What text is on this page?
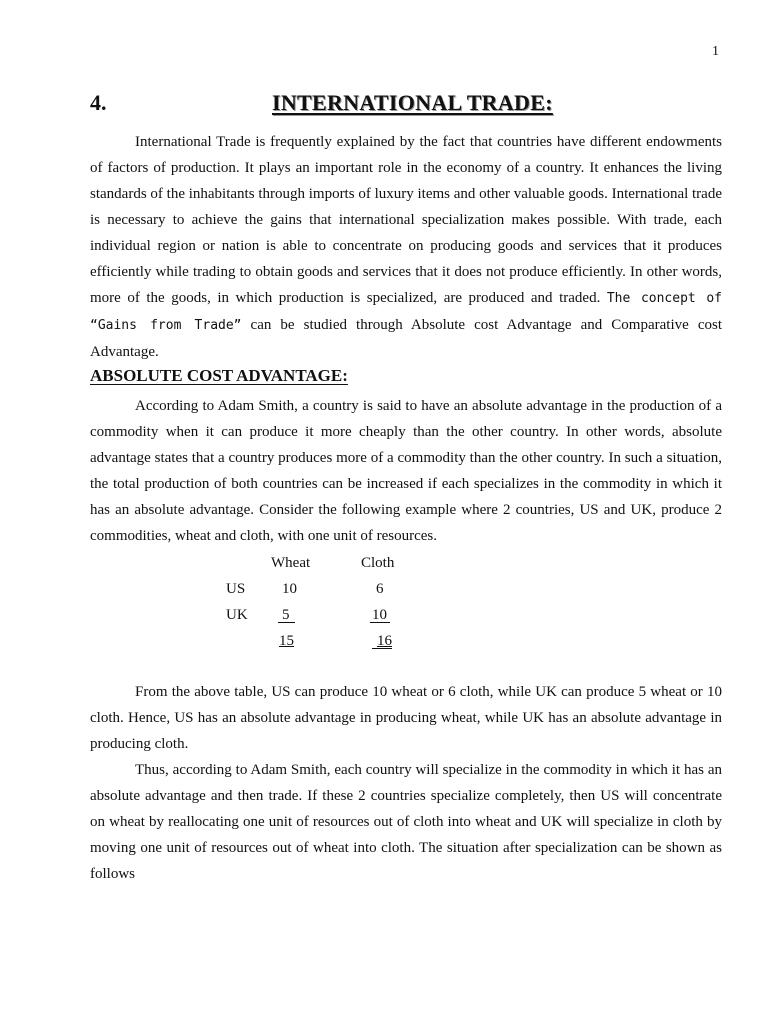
1
4.	INTERNATIONAL TRADE:

International Trade is frequently explained by the fact that countries have different endowments of factors of production. It plays an important role in the economy of a country. It enhances the living standards of the inhabitants through imports of luxury items and other valuable goods. International trade is necessary to achieve the gains that international specialization makes possible. With trade, each individual region or nation is able to concentrate on producing goods and services that it produces efficiently while trading to obtain goods and services that it does not produce efficiently. In other words, more of the goods, in which production is specialized, are produced and traded. The concept of “Gains from Trade” can be studied through Absolute cost Advantage and Comparative cost Advantage.

ABSOLUTE COST ADVANTAGE:

According to Adam Smith, a country is said to have an absolute advantage in the production of a commodity when it can produce it more cheaply than the other country. In other words, absolute advantage states that a country produces more of a commodity than the other country. In such a situation, the total production of both countries can be increased if each specializes in the commodity in which it has an absolute advantage. Consider the following example where 2 countries, US and UK, produce 2 commodities, wheat and cloth, with one unit of resources.

Wheat	Cloth
US 10	6
UK 5	10
15	16

From the above table, US can produce 10 wheat or 6 cloth, while UK can produce 5 wheat or 10 cloth. Hence, US has an absolute advantage in producing wheat, while UK has an absolute advantage in producing cloth.

Thus, according to Adam Smith, each country will specialize in the commodity in which it has an absolute advantage and then trade. If these 2 countries specialize completely, then US will concentrate on wheat by reallocating one unit of resources out of cloth into wheat and UK will specialize in cloth by moving one unit of resources out of wheat into cloth. The situation after specialization can be shown as follows
